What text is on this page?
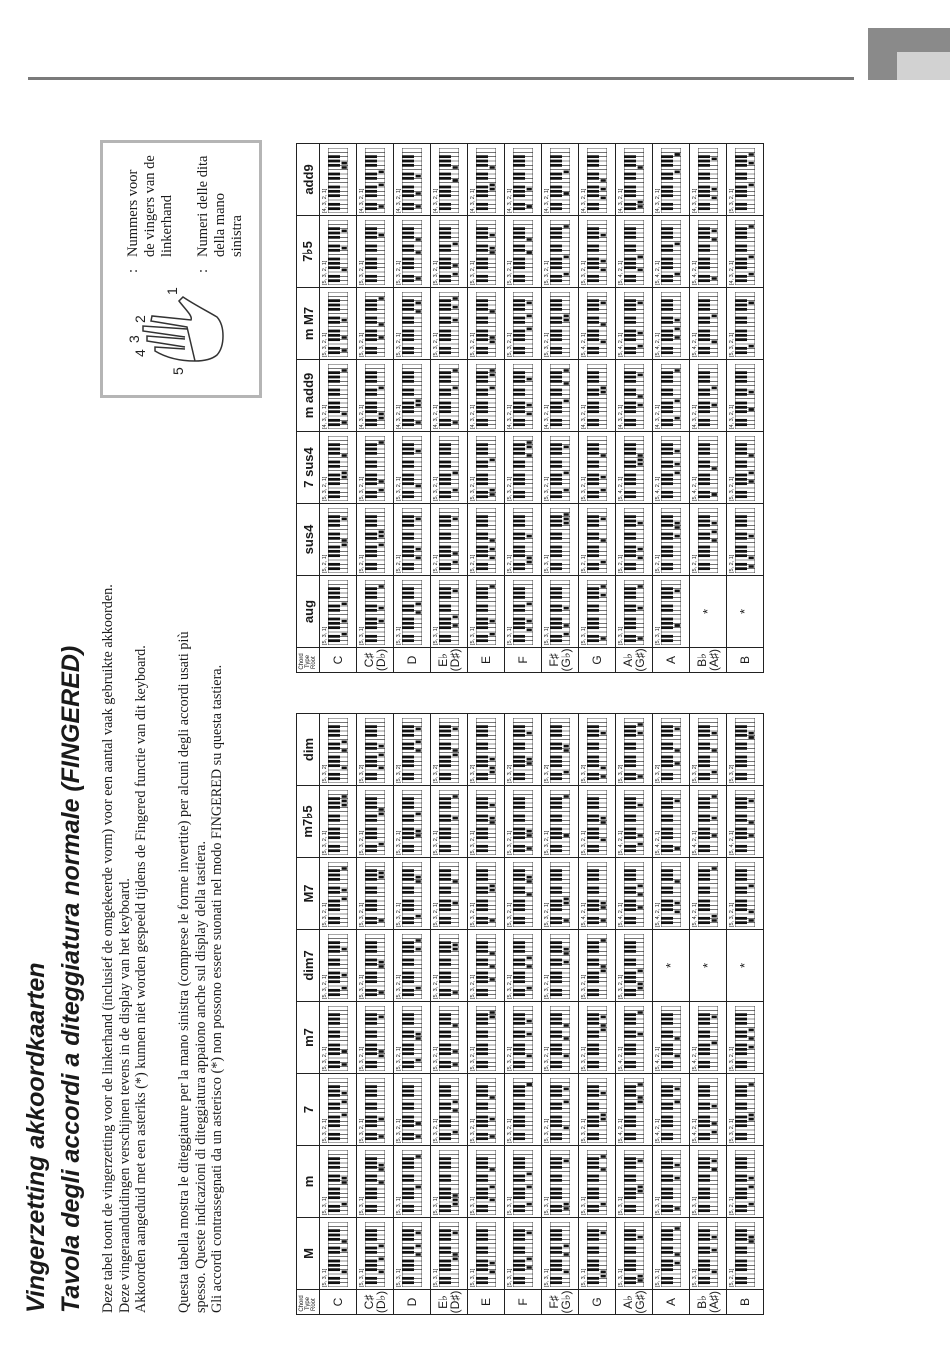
Vingerzetting akkoordkaarten Tavola degli accordi a diteggiatura normale (FINGERED) Deze tabel toont de vingerzetting voor de linkerhand (inclusief de omgekeerde vorm) voor een aantal vaak gebruikte akkoorden. Deze vingeraanduidingen verschijnen tevens in de display van het keyboard. Akkoorden aangeduid met een asteriks (*) kunnen niet worden gespeeld tijdens de Fingered functie van dit keyboard. Questa tabella mostra le diteggiature per la mano sinistra (comprese le forme invertite) per alcuni degli accordi usati più spesso. Queste indicazioni di diteggiatura appaiono anche sul display della tastiera. Gli accordi contrassegnati da un asterisco (*) non possono essere suonati nel modo FINGERED su questa tastiera.
5
4
3
2
1
:
Nummers voor de vingers van de linkerhand
:
Numeri delle dita della mano sinistra
Chord Type Root	M	m	7	m7	dim7	M7	m7♭5	dim

C	[5, 3, 1]	[5, 3, 1]	[5, 3, 2, 1]	[5, 3, 2, 1]	[5, 3, 2, 1]	[5, 3, 2, 1]	[5, 3, 2, 1]	[5, 3, 2]

C♯
(D♭)	[5, 3, 1]	[5, 3, 1]	[5, 3, 2, 1]	[5, 3, 2, 1]	[5, 3, 2, 1]	[5, 3, 2, 1]	[5, 3, 2, 1]	[5, 3, 2]

D	[5, 3, 1]	[5, 3, 1]	[5, 3, 2, 1]	[5, 3, 2, 1]	[5, 3, 2, 1]	[5, 3, 2, 1]	[5, 3, 2, 1]	[5, 3, 2]

E♭
(D♯)	[5, 3, 1]	[5, 3, 1]	[5, 3, 2, 1]	[5, 3, 2, 1]	[5, 3, 2, 1]	[5, 3, 2, 1]	[5, 3, 2, 1]	[5, 3, 2]

E	[5, 3, 1]	[5, 3, 1]	[5, 3, 2, 1]	[5, 3, 2, 1]	[5, 3, 2, 1]	[5, 3, 2, 1]	[5, 3, 2, 1]	[5, 3, 2]

F	[5, 3, 1]	[5, 3, 1]	[5, 3, 2, 1]	[5, 3, 2, 1]	[5, 3, 2, 1]	[5, 3, 2, 1]	[5, 3, 2, 1]	[5, 3, 2]

F♯
(G♭)	[5, 3, 1]	[5, 3, 1]	[5, 3, 2, 1]	[5, 3, 2, 1]	[5, 3, 2, 1]	[5, 3, 2, 1]	[5, 3, 2, 1]	[5, 3, 2]

G	[5, 3, 1]	[5, 3, 1]	[5, 3, 2, 1]	[5, 3, 2, 1]	[5, 3, 2, 1]	[5, 4, 2, 1]	[5, 3, 2, 1]	[5, 3, 2]

A♭
(G♯)	[5, 3, 1]	[5, 3, 1]	[5, 4, 2, 1]	[5, 4, 2, 1]	[5, 3, 2, 1]	[5, 4, 2, 1]	[5, 4, 2, 1]	[5, 3, 2]

A	[5, 3, 1]	[5, 3, 1]	[5, 4, 2, 1]	[5, 4, 2, 1]	*	[5, 4, 2, 1]	[5, 4, 2, 1]	[5, 3, 2]

B♭
(A♯)	[5, 3, 1]	[5, 3, 1]	[5, 4, 2, 1]	[5, 4, 2, 1]	*	[5, 4, 2, 1]	[5, 4, 2, 1]	[5, 3, 2]

B	[5, 2, 1]	[5, 2, 1]	[5, 3, 2, 1]	[5, 3, 2, 1]	*	[5, 3, 2, 1]	[5, 4, 2, 1]	[5, 3, 2]
Chord Type Root	aug	sus4	7 sus4	m add9	m M7	7♭5	add9

C	[5, 3, 1]	[5, 2, 1]	[5, 3, 2, 1]	[4, 3, 2, 1]	[5, 3, 2, 1]	[5, 3, 2, 1]	[4, 3, 2, 1]

C♯
(D♭)	[5, 3, 1]	[5, 2, 1]	[5, 3, 2, 1]	[4, 3, 2, 1]	[5, 3, 2, 1]	[5, 3, 2, 1]	[4, 3, 2, 1]

D	[5, 3, 1]	[5, 2, 1]	[5, 3, 2, 1]	[4, 3, 2, 1]	[5, 3, 2, 1]	[5, 3, 2, 1]	[4, 3, 2, 1]

E♭
(D♯)	[5, 3, 1]	[5, 2, 1]	[5, 3, 2, 1]	[4, 3, 2, 1]	[5, 3, 2, 1]	[5, 3, 2, 1]	[4, 3, 2, 1]

E	[5, 3, 1]	[5, 2, 1]	[5, 3, 2, 1]	[4, 3, 2, 1]	[5, 3, 2, 1]	[5, 3, 2, 1]	[4, 3, 2, 1]

F	[5, 3, 1]	[5, 2, 1]	[5, 3, 2, 1]	[4, 3, 2, 1]	[5, 3, 2, 1]	[5, 3, 2, 1]	[4, 3, 2, 1]

F♯
(G♭)	[5, 3, 1]	[5, 3, 1]	[5, 3, 2, 1]	[4, 3, 2, 1]	[5, 3, 2, 1]	[5, 3, 2, 1]	[4, 3, 2, 1]

G	[5, 3, 1]	[5, 2, 1]	[5, 3, 2, 1]	[4, 3, 2, 1]	[5, 4, 2, 1]	[5, 3, 2, 1]	[4, 3, 2, 1]

A♭
(G♯)	[5, 3, 1]	[5, 2, 1]	[5, 4, 2, 1]	[4, 3, 2, 1]	[5, 4, 2, 1]	[5, 4, 2, 1]	[4, 3, 2, 1]

A	[5, 3, 1]	[5, 2, 1]	[5, 4, 2, 1]	[4, 3, 2, 1]	[5, 4, 2, 1]	[5, 4, 2, 1]	[4, 3, 2, 1]

B♭
(A♯)	*	[5, 2, 1]	[5, 4, 2, 1]	[4, 3, 2, 1]	[5, 4, 2, 1]	[5, 4, 2, 1]	[4, 3, 2, 1]

B	*	[5, 2, 1]	[5, 3, 2, 1]	[4, 3, 2, 1]	[5, 3, 2, 1]	[4, 3, 2, 1]	[5, 3, 2, 1]
